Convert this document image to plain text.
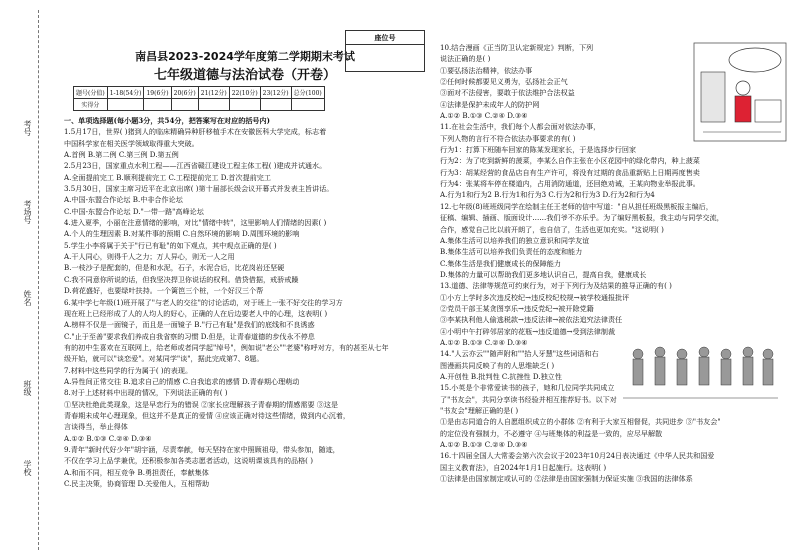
学校
班级
姓名
考场号
考号
南昌县2023-2024学年度第二学期期末考试
七年级道德与法治试卷（开卷）
座位号
题号(分值)	1-18(54分)	19(6分)	20(6分)	21(12分)	22(10分)	23(12分)	总分(100)
实得分							
一、单项选择题(每小题3分，共54分，把答案写在对应的括号内)
1.5月17日，世界( )猪到人的临床精确异种肝移植手术在安徽医科大学完成，标志着
中国科学家在相关医学领域取得重大突破。
A.首例 B.第二例 C.第三例 D.第五例
2.5月23日，国家重点水利工程——江西省赣江建设工程主体工程( )建成并试通水。
A.全面提前完工 B.顺利提前完工 C.工程提前完工 D.首次提前完工
3.5月30日，国家主席习近平在北京出席( )第十届部长级会议开幕式并发表主旨讲话。
A.中国-东盟合作论坛 B.中非合作论坛
C.中国-东盟合作论坛 D."一带一路"高峰论坛
4.进入夏季，小丽在注意情绪的影响，对比"情绪中转"，这里影响人们情绪的因素( )
A.个人的生理因素 B.对某件事的预期 C.自然环境的影响 D.周围环境的影响
5.学生小李将属于关于"行已有耻"的如下观点，其中观点正确的是( )
A.干人同心，则得千人之力；万人异心，则无一人之用
B.一枝沙子是配套的，但是和水泥，石子，水泥合后，比花岗岩还坚硬
C.我不同意你所说的话，但我坚决捍卫你说话的权利。借贷借据，戒骄戒躁
D.荷花盛好，也要绿叶扶持。一个篱笆三个桩，一个好汉三个帮
6.某中学七年级(1)班开展了"与老人的交往"的讨论活动，对于班上一张不好交往的学习方
现在班上已经形成了人的人均人的好心，正确的人在后边要老人中的心理，这表明( )
A.榜样不仅是一面镜子，而且是一面镜子 B."行己有耻"是我们的底线和不良诱惑
C."止于至善"要求我们养成自我省察的习惯 D.但是，让青春道德的步伐永不停息
有的初中生喜欢在互联网上，给老师或者同学起"绰号"，例如说"老公""老婆"称呼对方，有的甚至从七年
级开始，就可以"谈恋爱"。对某同学"谈"，据此完成第7、8题。
7.材料中这些同学的行为属于( )的表现。
A.异性间正常交往 B.追求自己的情感 C.自我追求的感情 D.青春期心理萌动
8.对于上述材料中出现的情况，下列说法正确的有( )
①坚决杜绝此类现象，这是早恋行为的错误 ②家长应理解孩子青春期的情感需要 ③这是
青春期未成年心理现象，但这并不是真正的爱情 ④应该正确对待这些情绪，做到内心沉着，
言谈得当，举止得体
A.①② B.①③ C.②④ D.③④
9.青年"新时代好少年"胡宇涵，尽责奉献，每天坚持在家中照顾祖母，带头参加，随迹，
不仅在学习上品学兼优，还积极参加各类志愿者活动，这说明课该具有的品格( )
A.和而不同，相互竞争 B.勇担责任，奉献集体
C.民主决策，协商管理 D.关爱他人，互相帮助
10.结合漫画《正当防卫认定新规定》判断，下列
说法正确的是( )
①要弘扬法治精神，依法办事
②任何时候都要见义勇为，弘扬社会正气
③面对不法侵害，要敢于依法维护合法权益
④法律是保护未成年人的防护网
A.①② B.①③ C.②④ D.③④
11.在社会生活中，我们每个人都会面对依法办事，
下列人物的言行不符合依法办事要求的有( )
行为1：打算下班随车回家的陈某发现家长，于是选择步行回家
行为2：为了吃到新鲜的菠菜，李某么自作主张在小区花园中的绿化带内，种上菠菜
行为3：胡某经营的食品店自有生产许可，将没有过期的食品重新贴上日期再度售卖
行为4：张某将车停在楼道内，占用消防通道，还回绝劝诫，王某向物业举报此事。
A.行为1和行为2 B.行为1和行为3 C.行为2和行为3 D.行为2和行为4
12.七年级(8)班班级同学在绘制主任王老师的信中写道："自从担任班级黑板报主编后，
征稿、编辑、插画、版面设计……我们爷不亦乐乎。为了编好黑板报，我主动与同学交流，
合作，感觉自己比以前开朗了，也自信了，生活也更加充实。"这说明( )
A.集体生活可以培养我们的独立意识和同学友谊
B.集体生活可以培养我们负责任的态度和能力
C.集体生活是我们健康成长的保障能力
D.集体的力量可以帮助我们更多地认识自己，提高自我，健康成长
13.道德、法律等规范可约束行为，对于下列行为及结果的推导正确的有( )
①小方上学时多次违反校纪→违反校纪校规→被学校通报批评
②党员干部王某贪图享乐→违反党纪→被开除党籍
③李某执利他人偷逃税款→违反法律→被依法追究法律责任
④小明中午打碎邻居家的花瓶→违反道德→受到法律制裁
A.①② B.①③ C.②④ D.③④
14."人云亦云""随声附和""拾人牙慧"这些词语和右
图漫画共同反映了有的人思维缺乏( )
A.开创性 B.批判性 C.抗挫性 D.独立性
15.小英是个非常爱读书的孩子，她和几位同学共同成立
了"书友会"，共同分享读书经验并相互推荐好书。以下对
"书友会"理解正确的是( )
①是由志同道合的人自愿组织成立的小群体 ②有利于大家互相督促，共同进步 ③"书友会"
的定位没有强制力，不必遵守 ④与班集体的利益是一致的，应尽早解散
A.①② B.①③ C.②④ D.③④
16.十四届全国人大常委会第六次会议于2023年10月24日表决通过《中华人民共和国爱
国主义教育法》，自2024年1月1日起施行。这表明( )
①法律是由国家制定或认可的 ②法律是由国家强制力保证实施 ③我国的法律体系
